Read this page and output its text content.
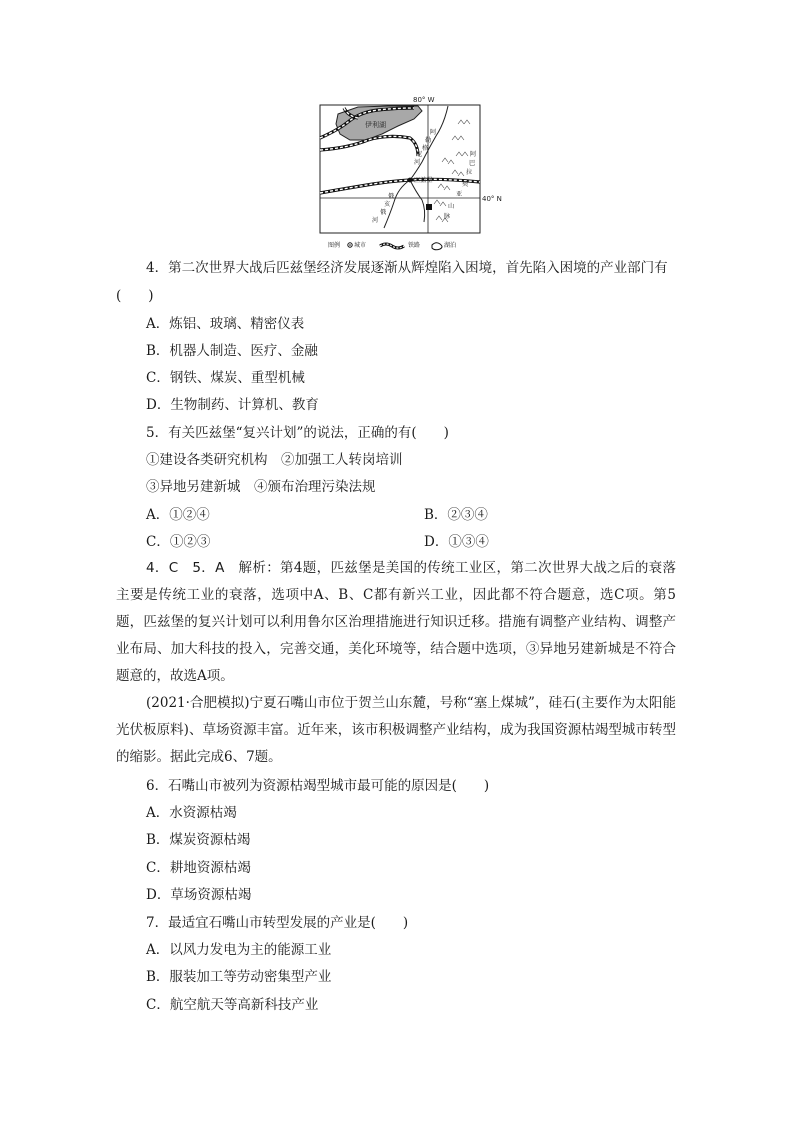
80° W
40° N
伊利湖
阿
勒
格
尼
河
俄
亥
俄
河
匹兹堡
阿
巴
拉
契
亚
山
脉
图例 城市	铁路	湖泊
4．第二次世界大战后匹兹堡经济发展逐渐从辉煌陷入困境，首先陷入困境的产业部门有
(　　)
A．炼铝、玻璃、精密仪表
B．机器人制造、医疗、金融
C．钢铁、煤炭、重型机械
D．生物制药、计算机、教育
5．有关匹兹堡“复兴计划”的说法，正确的有(　　)
①建设各类研究机构　②加强工人转岗培训
③异地另建新城　④颁布治理污染法规
A．①②④	B．②③④
C．①②③	D．①③④
4．C　5．A　解析：第4题，匹兹堡是美国的传统工业区，第二次世界大战之后的衰落主要是传统工业的衰落，选项中A、B、C都有新兴工业，因此都不符合题意，选C项。第5题，匹兹堡的复兴计划可以利用鲁尔区治理措施进行知识迁移。措施有调整产业结构、调整产业布局、加大科技的投入，完善交通，美化环境等，结合题中选项，③异地另建新城是不符合题意的，故选A项。
(2021·合肥模拟)宁夏石嘴山市位于贺兰山东麓，号称“塞上煤城”，硅石(主要作为太阳能光伏板原料)、草场资源丰富。近年来，该市积极调整产业结构，成为我国资源枯竭型城市转型的缩影。据此完成6、7题。
6．石嘴山市被列为资源枯竭型城市最可能的原因是(　　)
A．水资源枯竭
B．煤炭资源枯竭
C．耕地资源枯竭
D．草场资源枯竭
7．最适宜石嘴山市转型发展的产业是(　　)
A．以风力发电为主的能源工业
B．服装加工等劳动密集型产业
C．航空航天等高新科技产业
